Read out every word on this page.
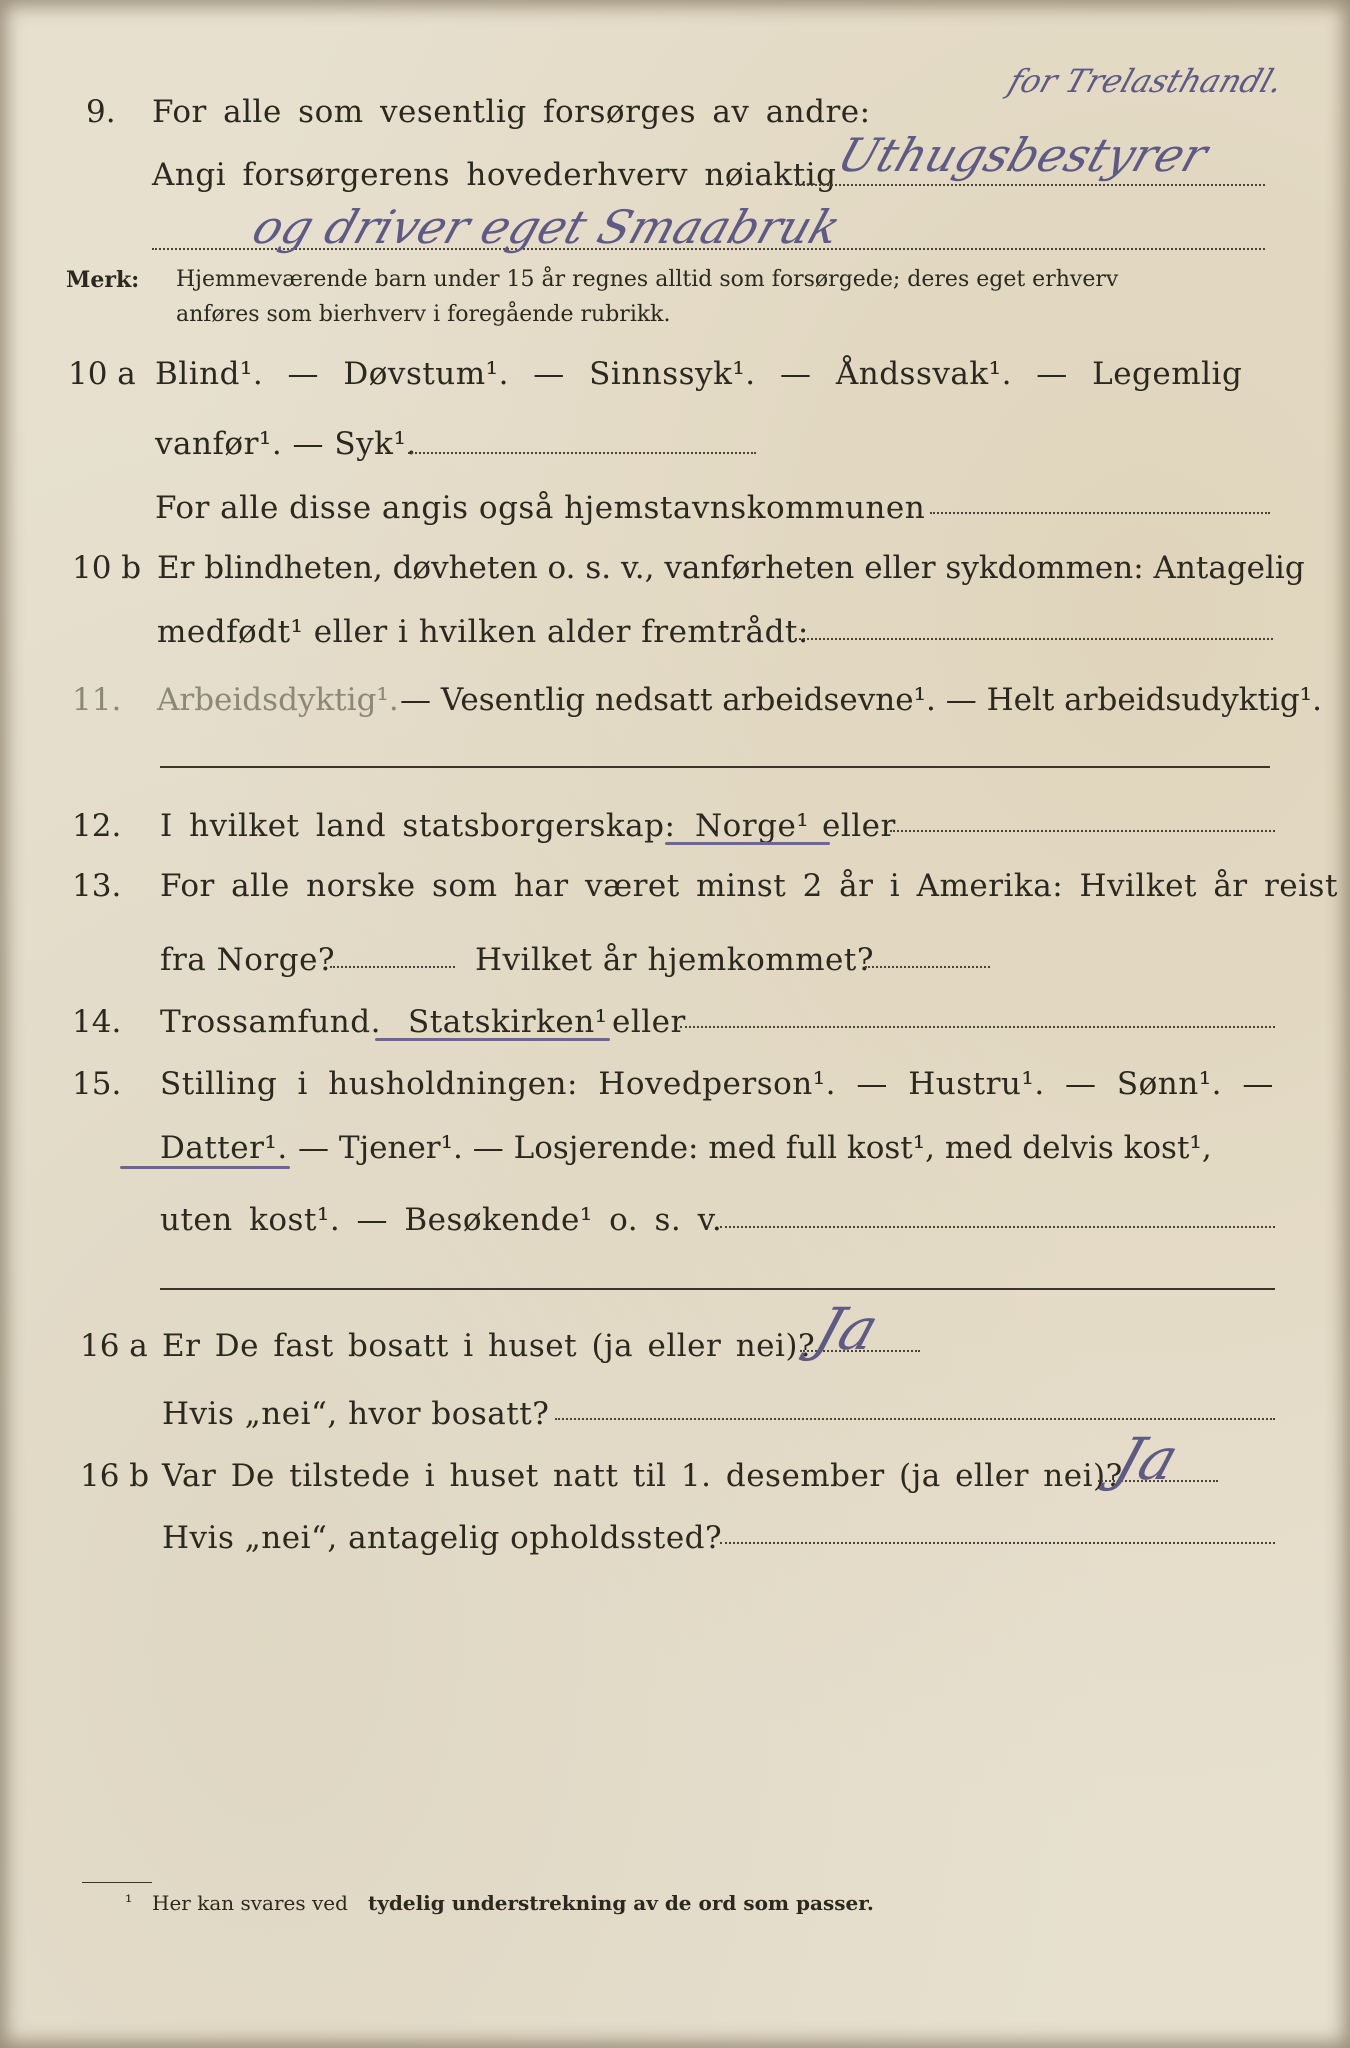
9. For alle som vesentlig forsørges av andre:
for Trelasthandl.
Angi forsørgerens hovederhverv nøiaktig
Uthugsbestyrer
og driver eget Smaabruk
Merk: Hjemmeværende barn under 15 år regnes alltid som forsørgede; deres eget erhverv
anføres som bierhverv i foregående rubrikk.
10 a Blind¹. — Døvstum¹. — Sinnssyk¹. — Åndssvak¹. — Legemlig
vanfør¹. — Syk¹.
For alle disse angis også hjemstavnskommunen
10 b Er blindheten, døvheten o. s. v., vanførheten eller sykdommen: Antagelig
medfødt¹ eller i hvilken alder fremtrådt:
11. Arbeidsdyktig¹. — Vesentlig nedsatt arbeidsevne¹. — Helt arbeidsudyktig¹.
12. I hvilket land statsborgerskap: Norge¹ eller
13. For alle norske som har været minst 2 år i Amerika: Hvilket år reist
fra Norge?	Hvilket år hjemkommet?
14. Trossamfund. Statskirken¹ eller
15. Stilling i husholdningen: Hovedperson¹. — Hustru¹. — Sønn¹. —
Datter¹. — Tjener¹. — Losjerende: med full kost¹, med delvis kost¹,
uten kost¹. — Besøkende¹ o. s. v.
16 a Er De fast bosatt i huset (ja eller nei)?
Ja
Hvis „nei“, hvor bosatt?
16 b Var De tilstede i huset natt til 1. desember (ja eller nei)?
Ja
Hvis „nei“, antagelig opholdssted?
¹ Her kan svares ved tydelig understrekning av de ord som passer.
